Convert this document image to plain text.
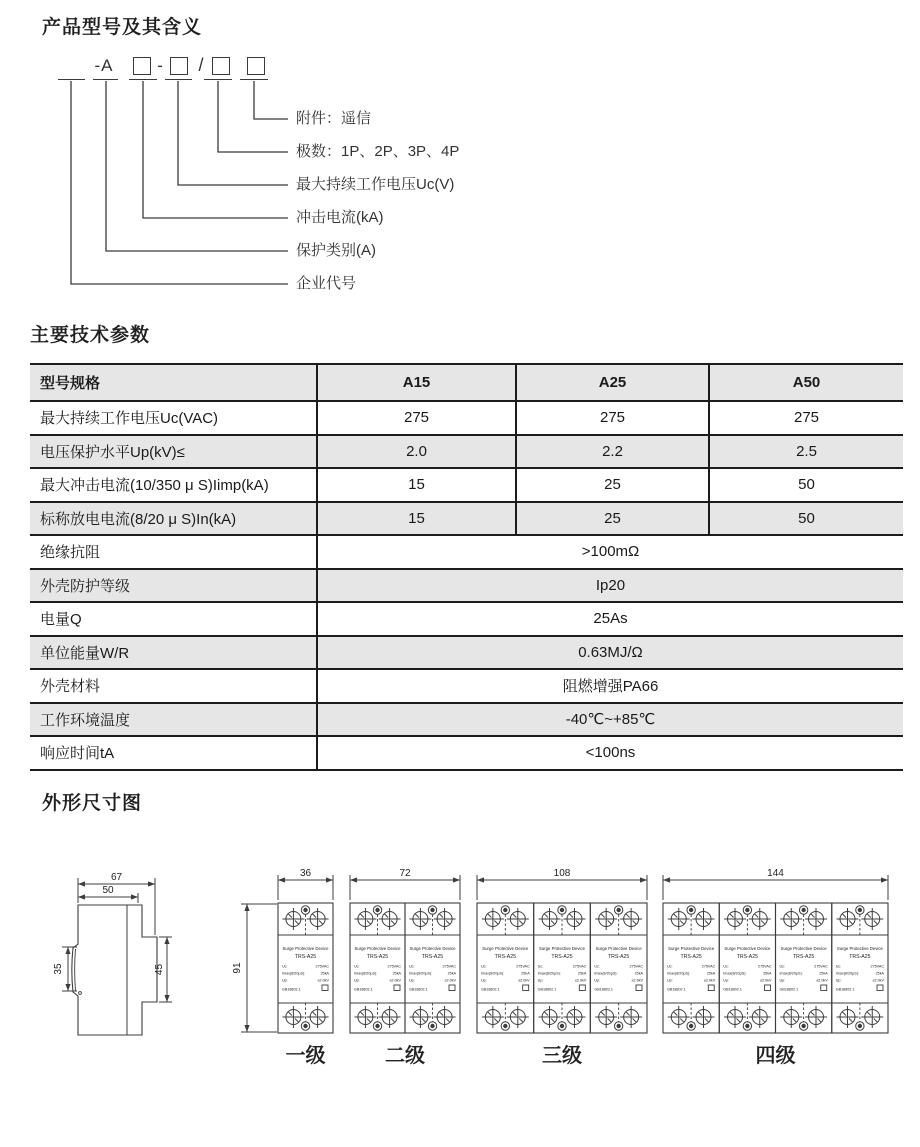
产品型号及其含义
-A	-	/
附件：遥信
极数：1P、2P、3P、4P
最大持续工作电压Uc(V)
冲击电流(kA)
保护类别(A)
企业代号
主要技术参数
型号规格	A15	A25	A50
最大持续工作电压Uc(VAC)	275	275	275
电压保护水平Up(kV)≤	2.0	2.2	2.5
最大冲击电流(10/350 μ S)Iimp(kA)	15	25	50
标称放电电流(8/20 μ S)In(kA)	15	25	50
绝缘抗阻	>100mΩ		
外壳防护等级	Ip20		
电量Q	25As		
单位能量W/R	0.63MJ/Ω		
外壳材料	阻燃增强PA66		
工作环境温度	-40℃~+85℃		
响应时间tA	<100ns		
外形尺寸图
67
50
35	45
Surge Protective Device
TRS-A25
Uc:	275VAC
Imax(8/20μS):	25kA
Up:	≤2.0kV
GB18802.1
36
一级
Surge Protective Device
TRS-A25
Uc:	275VAC
Imax(8/20μS):	25kA
Up:	≤2.0kV
GB18802.1
Surge Protective Device
TRS-A25
Uc:	275VAC
Imax(8/20μS):	25kA
Up:	≤2.0kV
GB18802.1
72
二级
Surge Protective Device
TRS-A25
Uc:	275VAC
Imax(8/20μS):	25kA
Up:	≤2.0kV
GB18802.1
Surge Protective Device
TRS-A25
Uc:	275VAC
Imax(8/20μS):	25kA
Up:	≤2.0kV
GB18802.1
Surge Protective Device
TRS-A25
Uc:	275VAC
Imax(8/20μS):	25kA
Up:	≤2.0kV
GB18802.1
108
三级
Surge Protective Device
TRS-A25
Uc:	275VAC
Imax(8/20μS):	25kA
Up:	≤2.0kV
GB18802.1
Surge Protective Device
TRS-A25
Uc:	275VAC
Imax(8/20μS):	25kA
Up:	≤2.0kV
GB18802.1
Surge Protective Device
TRS-A25
Uc:	275VAC
Imax(8/20μS):	25kA
Up:	≤2.0kV
GB18802.1
Surge Protective Device
TRS-A25
Uc:	275VAC
Imax(8/20μS):	25kA
Up:	≤2.0kV
GB18802.1
144
四级
91
